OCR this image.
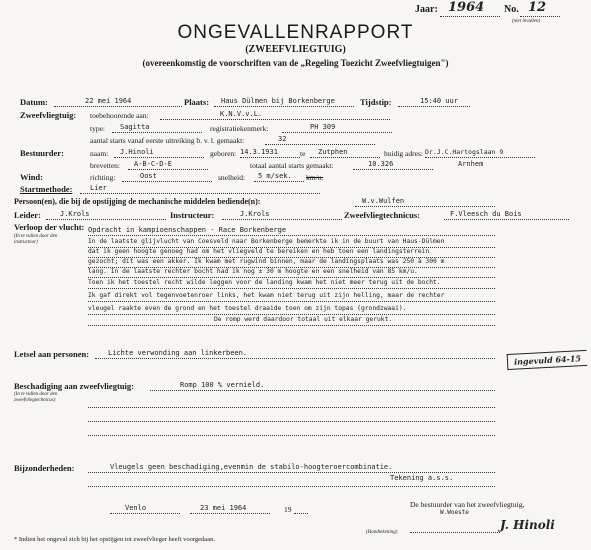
Jaar: 1964 No. 12
(niet invullen)
ONGEVALLENRAPPORT
(ZWEEFVLIEGTUIG)
(overeenkomstig de voorschriften van de „Regeling Toezicht Zweefvliegtuigen")
Datum:	22 mei 1964	Plaats: Haus Dülmen bij Borkenberge	Tijdstip:	15:40 uur
Zweefvliegtuig: toebehoorende aan:	K.N.V.v.L.
type: Sagitta	registratiekenmerk:	PH 309
aantal starts vanaf eerste uitreiking b. v. l. gemaakt:	32
Bestuurder:	naam: J.Hinoli	geboren: 14.3.1931	te Zutphen	huidig adres: Dr.J.C.Hartogslaan 9
brevetten: A-B-C-D-E	totaal aantal starts gemaakt:	10.326	Arnhem
Wind:	richting:	Oost	snelheid: 5 m/sek. km/u.
Startmethode:	Lier
Persoon(en), die bij de opstijging de mechanische middelen bediende(n):	W.v.Wulfen
Leider:	J.Krols	Instructeur:	J.Krols	Zweefvliegtechnicus:	F.Vleesch du Bois
Verloop der vlucht:
(In te vullen door den instructeur)
Opdracht in kampioenschappen - Race Borkenberge
In de laatste glijvlucht van Coesveld naar Borkenberge bemerkte ik in de buurt van Haus-Dülmen
dat ik geen hoogte genoeg had om het vliegveld te bereiken en heb toen een landingsterrein
gezocht; dit was een akker. Ik kwam met rugwind binnen, maar de landingsplaats was 250 à 300 m
lang. In de laatste rechter bocht had ik nog ± 30 m hoogte en een snelheid van 85 km/u.
Toen ik het toestel recht wilde leggen voor de landing kwam het niet meer terug uit de bocht.
Ik gaf direkt vol tegenvoetenroer links, het kwam niet terug uit zijn helling, maar de rechter
vleugel raakte even de grond en het toestel draaide toen om zijn topas (grondzwaai).
De romp werd daardoor totaal uit elkaar gerukt.
Letsel aan personen:	Lichte verwonding aan linkerbeen.
ingevuld 64-15
Beschadiging aan zweefvliegtuig:
(In te vullen door den zweefvliegtechnicus)
Romp 100 % vernield.
Bijzonderheden:	Vleugels geen beschadiging,evenmin de stabilo-hoogteroercombinatie.
Tekening a.s.s.
Venlo	23 mei 1964	19
De bestuurder van het zweefvliegtuig,
W.Woeste
(Handtekening)
J. Hinoli
* Indien het ongeval zich bij het opstijgen tot zweefvlieger heeft voorgedaan.
